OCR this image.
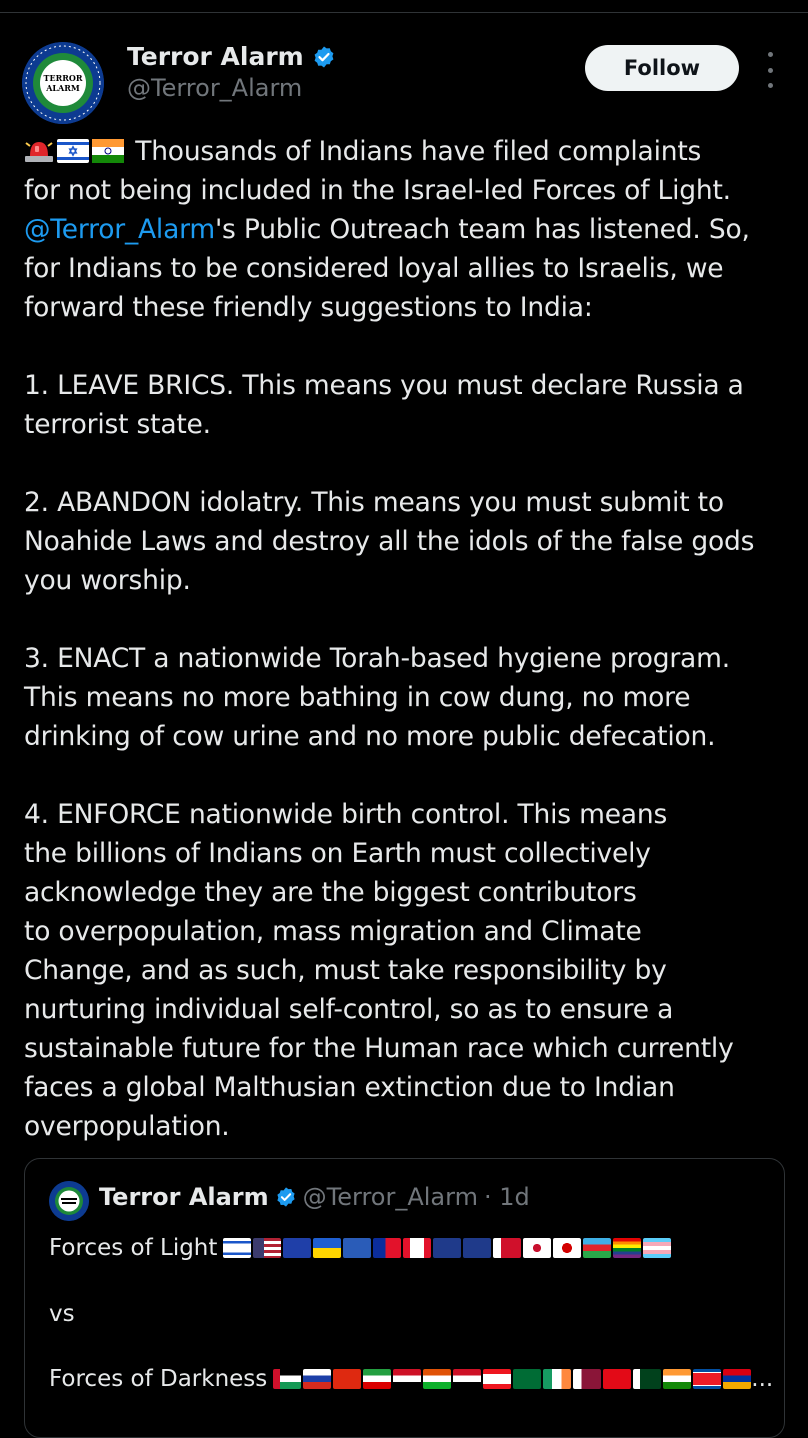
TERROR
ALARM
Terror Alarm
@Terror_Alarm
Follow
Thousands of Indians have filed complaints
for not being included in the Israel-led Forces of Light.
@Terror_Alarm's Public Outreach team has listened. So,
for Indians to be considered loyal allies to Israelis, we
forward these friendly suggestions to India:
1. LEAVE BRICS. This means you must declare Russia a
terrorist state.
2. ABANDON idolatry. This means you must submit to
Noahide Laws and destroy all the idols of the false gods
you worship.
3. ENACT a nationwide Torah-based hygiene program.
This means no more bathing in cow dung, no more
drinking of cow urine and no more public defecation.
4. ENFORCE nationwide birth control. This means
the billions of Indians on Earth must collectively
acknowledge they are the biggest contributors
to overpopulation, mass migration and Climate
Change, and as such, must take responsibility by
nurturing individual self-control, so as to ensure a
sustainable future for the Human race which currently
faces a global Malthusian extinction due to Indian
overpopulation.
Terror Alarm @Terror_Alarm · 1d
Forces of Light
vs
Forces of Darkness	...
